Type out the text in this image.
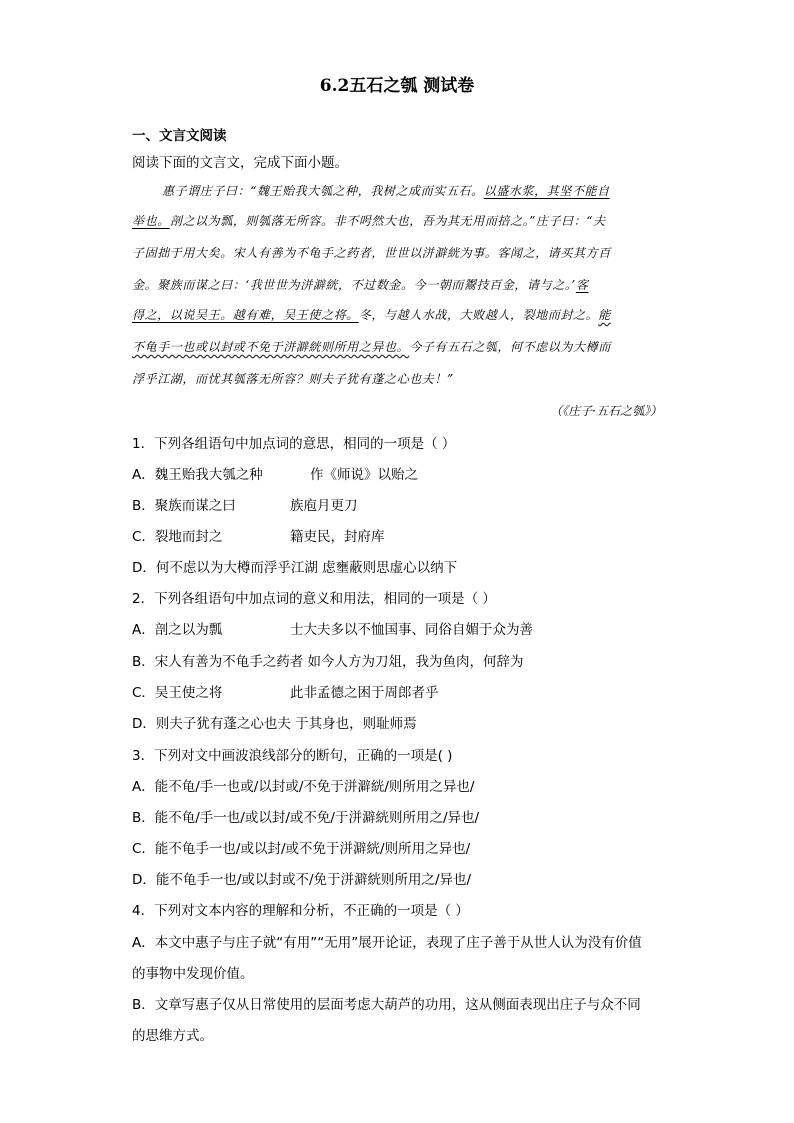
6.2五石之瓠 测试卷
一、文言文阅读
阅读下面的文言文，完成下面小题。
惠子谓庄子曰：“魏王贻我大瓠之种，我树之成而实五石。以盛水浆，其坚不能自
举也。剖之以为瓢，则瓠落无所容。非不呺然大也，吾为其无用而掊之。”庄子曰：“夫
子固拙于用大矣。宋人有善为不龟手之药者，世世以洴澼絖为事。客闻之，请买其方百
金。聚族而谋之曰：‘我世世为洴澼絖，不过数金。今一朝而鬻技百金，请与之。’客
得之，以说吴王。越有难，吴王使之将。冬，与越人水战，大败越人，裂地而封之。能
不龟手一也或以封或不免于洴澼絖则所用之异也。今子有五石之瓠，何不虑以为大樽而
浮乎江湖，而忧其瓠落无所容？则夫子犹有蓬之心也夫！”
（《庄子·五石之瓠》）
1．下列各组语句中加点词的意思，相同的一项是（ ）
A．魏王贻我大瓠之种	作《师说》以贻之
B．聚族而谋之曰	族庖月更刀
C．裂地而封之	籍吏民，封府库
D．何不虑以为大樽而浮乎江湖 虑壅蔽则思虚心以纳下
2．下列各组语句中加点词的意义和用法，相同的一项是（ ）
A．剖之以为瓢	士大夫多以不恤国事、同俗自媚于众为善
B．宋人有善为不龟手之药者 如今人方为刀俎，我为鱼肉，何辞为
C．吴王使之将	此非孟德之困于周郎者乎
D．则夫子犹有蓬之心也夫 于其身也，则耻师焉
3．下列对文中画波浪线部分的断句，正确的一项是( )
A．能不龟/手一也或/以封或/不免于洴澼絖/则所用之异也/
B．能不龟/手一也/或以封/或不免/于洴澼絖则所用之/异也/
C．能不龟手一也/或以封/或不免于洴澼絖/则所用之异也/
D．能不龟手一也/或以封或不/免于洴澼絖则所用之/异也/
4．下列对文本内容的理解和分析，不正确的一项是（ ）
A．本文中惠子与庄子就“有用”“无用”展开论证，表现了庄子善于从世人认为没有价值
的事物中发现价值。
B．文章写惠子仅从日常使用的层面考虑大葫芦的功用，这从侧面表现出庄子与众不同
的思维方式。
